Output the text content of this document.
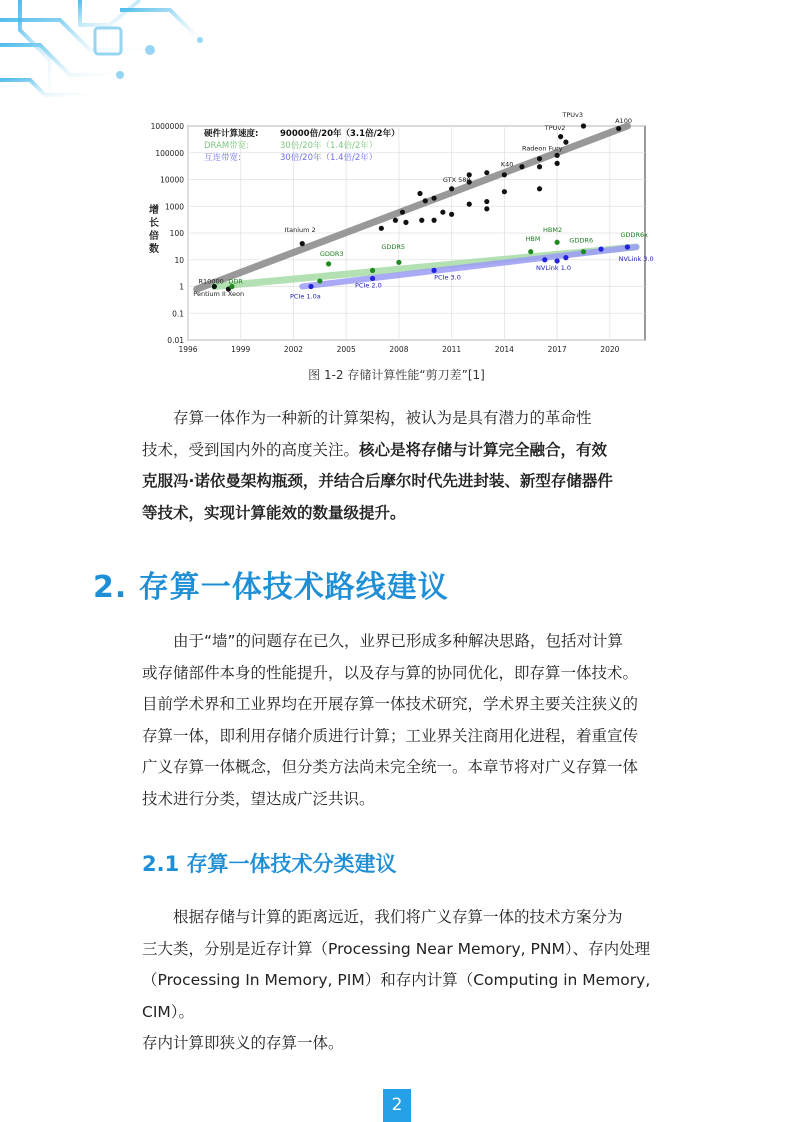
0.01
0.1
1
10
100
1000
10000
100000
1000000
1996	1999	2002	2005	2008	2011	2014	2017	2020
增
长
倍
数
R10000 DDR
Pentium II Xeon
Itanium 2
GDDR3
GDDR5
PCIe 1.0a
PCIe 2.0
PCIe 3.0
GTX 580
K40
Radeon Fury
TPUv2
TPUv3
A100
HBM
HBM2
GDDR6
GDDR6x
NVLink 1.0
NVLink 3.0
硬件计算速度:	90000倍/20年（3.1倍/2年）
DRAM带宽:	30倍/20年（1.4倍/2年）
互连带宽:	30倍/20年（1.4倍/2年）
图 1-2 存储计算性能“剪刀差”[1]

存算一体作为一种新的计算架构，被认为是具有潜力的革命性

技术，受到国内外的高度关注。核心是将存储与计算完全融合，有效
克服冯·诺依曼架构瓶颈，并结合后摩尔时代先进封装、新型存储器件
等技术，实现计算能效的数量级提升。
2. 存算一体技术路线建议

由于“墙”的问题存在已久，业界已形成多种解决思路，包括对计算

或存储部件本身的性能提升，以及存与算的协同优化，即存算一体技术。
目前学术界和工业界均在开展存算一体技术研究，学术界主要关注狭义的
存算一体，即利用存储介质进行计算；工业界关注商用化进程，着重宣传
广义存算一体概念，但分类方法尚未完全统一。本章节将对广义存算一体
技术进行分类，望达成广泛共识。
2.1 存算一体技术分类建议

根据存储与计算的距离远近，我们将广义存算一体的技术方案分为

三大类，分别是近存计算（Processing Near Memory, PNM）、存内处理
（Processing In Memory, PIM）和存内计算（Computing in Memory, CIM）。
存内计算即狭义的存算一体。
2
